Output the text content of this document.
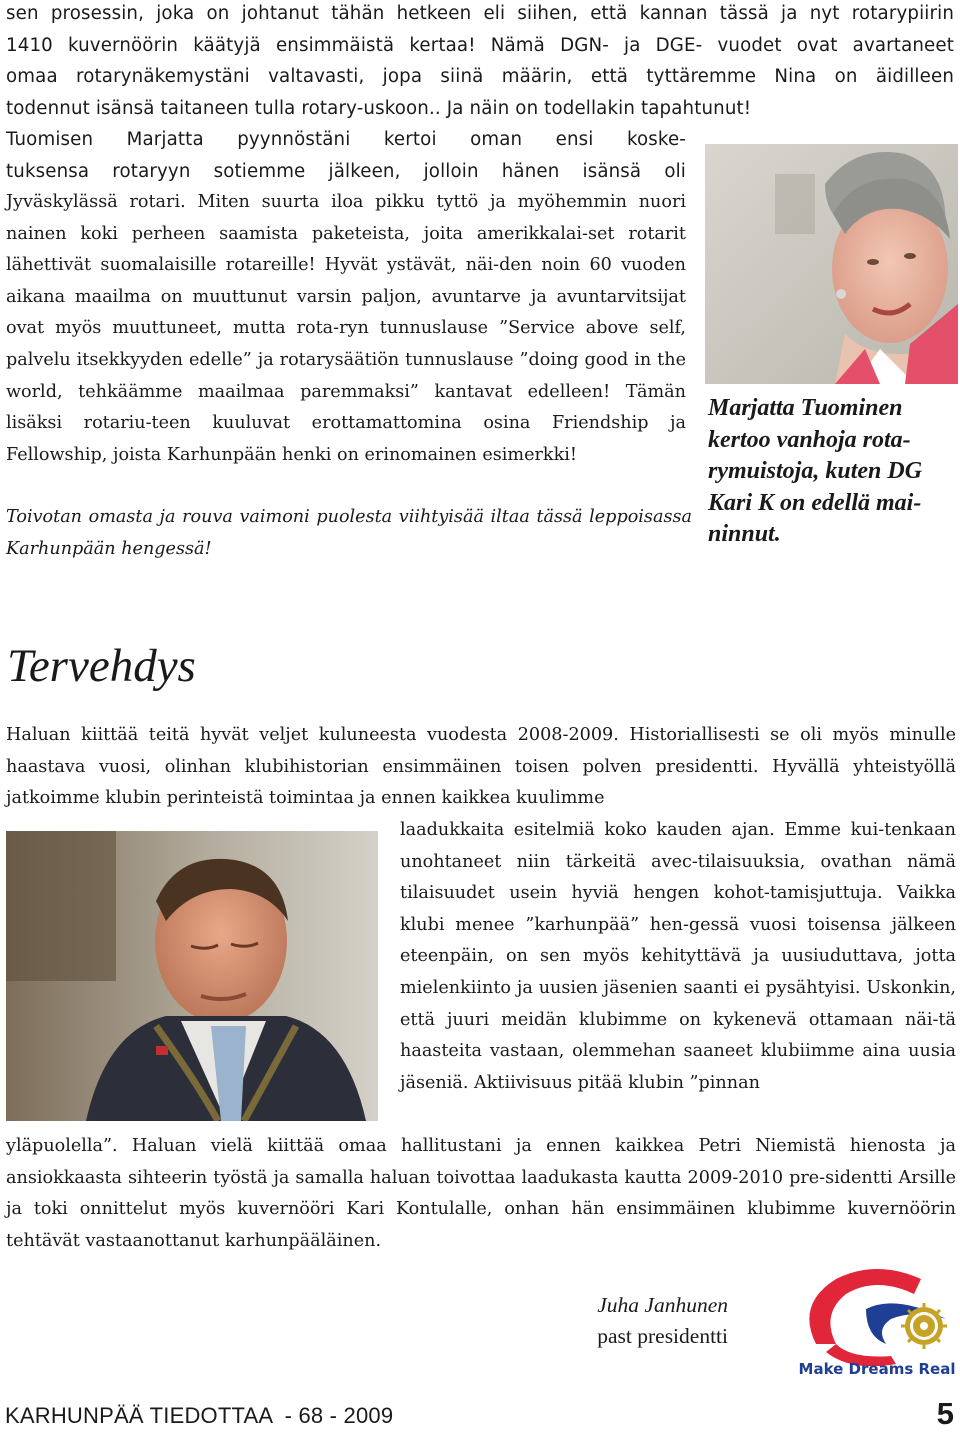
sen prosessin, joka on johtanut tähän hetkeen eli siihen, että kannan tässä ja nyt rotarypiirin
1410 kuvernöörin käätyjä ensimmäistä kertaa! Nämä DGN- ja DGE- vuodet ovat avartaneet
omaa rotarynäkemystäni valtavasti, jopa siinä määrin, että tyttäremme Nina on äidilleen
todennut isänsä taitaneen tulla rotary-uskoon.. Ja näin on todellakin tapahtunut!
Tuomisen Marjatta pyynnöstäni kertoi oman ensi koske-
tuksensa rotaryyn sotiemme jälkeen, jolloin hänen isänsä oli

Jyväskylässä rotari. Miten suurta iloa pikku tyttö ja myöhemmin nuori nainen koki perheen saamista paketeista, joita amerikkalai-set rotarit lähettivät suomalaisille rotareille! Hyvät ystävät, näi-den noin 60 vuoden aikana maailma on muuttunut varsin paljon, avuntarve ja avuntarvitsijat ovat myös muuttuneet, mutta rota-ryn tunnuslause ”Service above self, palvelu itsekkyyden edelle” ja rotarysäätiön tunnuslause ”doing good in the world, tehkäämme maailmaa paremmaksi” kantavat edelleen! Tämän lisäksi rotariu-teen kuuluvat erottamattomina osina Friendship ja Fellowship, joista Karhunpään henki on erinomainen esimerkki!

Toivotan omasta ja rouva vaimoni puolesta viihtyisää iltaa tässä leppoisassa Karhunpään hengessä!

Marjatta Tuominen kertoo vanhoja rota-rymuistoja, kuten DG Kari K on edellä mai-ninnut.

Tervehdys

Haluan kiittää teitä hyvät veljet kuluneesta vuodesta 2008-2009. Historiallisesti se oli myös minulle haastava vuosi, olinhan klubihistorian ensimmäinen toisen polven presidentti. Hyvällä yhteistyöllä jatkoimme klubin perinteistä toimintaa ja ennen kaikkea kuulimme

laadukkaita esitelmiä koko kauden ajan. Emme kui-tenkaan unohtaneet niin tärkeitä avec-tilaisuuksia, ovathan nämä tilaisuudet usein hyviä hengen kohot-tamisjuttuja. Vaikka klubi menee ”karhunpää” hen-gessä vuosi toisensa jälkeen eteenpäin, on sen myös kehityttävä ja uusiuduttava, jotta mielenkiinto ja uusien jäsenien saanti ei pysähtyisi. Uskonkin, että juuri meidän klubimme on kykenevä ottamaan näi-tä haasteita vastaan, olemmehan saaneet klubiimme aina uusia jäseniä. Aktiivisuus pitää klubin ”pinnan

yläpuolella”. Haluan vielä kiittää omaa hallitustani ja ennen kaikkea Petri Niemistä hienosta ja ansiokkaasta sihteerin työstä ja samalla haluan toivottaa laadukasta kautta 2009-2010 pre-sidentti Arsille ja toki onnittelut myös kuvernööri Kari Kontulalle, onhan hän ensimmäinen klubimme kuvernöörin tehtävät vastaanottanut karhunpääläinen.

Juha Janhunen
past presidentti

Make Dreams Real
KARHUNPÄÄ TIEDOTTAA  - 68 - 2009	5
